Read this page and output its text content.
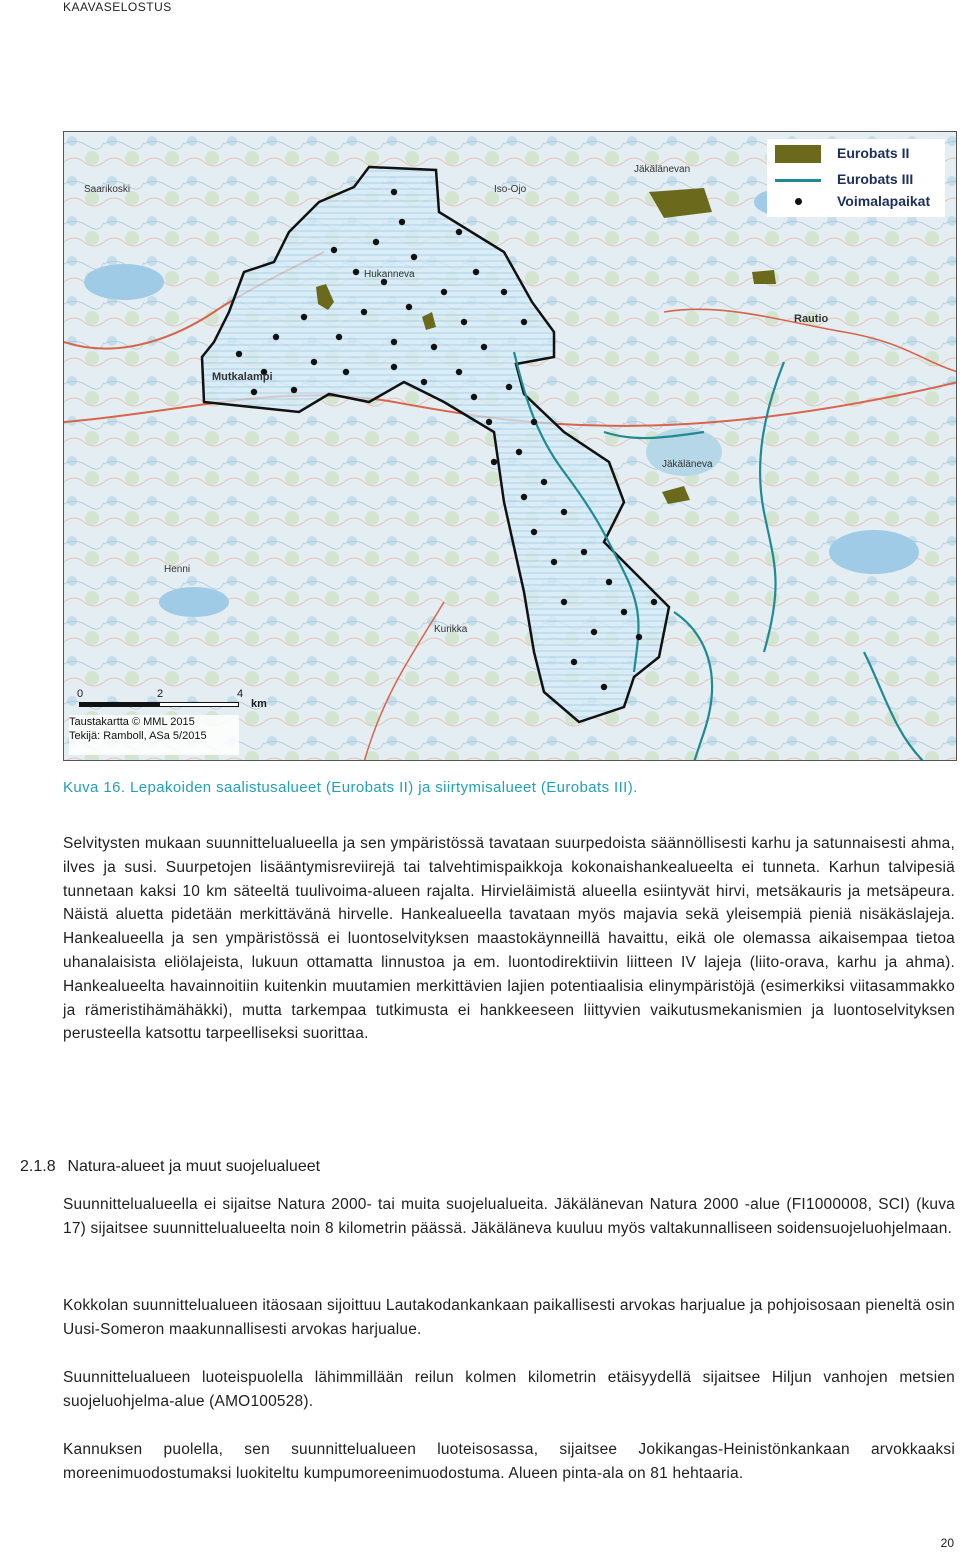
KAAVASELOSTUS
Hukanneva
Jäkälänevan
Jäkäläneva
Rautio
Mutkalampi
Henni
Kurikka
Saarikoski	Iso-Ojo
Eurobats II
Eurobats III
Voimalapaikat
0	2	4
km
Taustakartta © MML 2015
Tekijä: Ramboll, ASa 5/2015
Kuva 16. Lepakoiden saalistusalueet (Eurobats II) ja siirtymisalueet (Eurobats III).
Selvitysten mukaan suunnittelualueella ja sen ympäristössä tavataan suurpedoista säännöllisesti karhu ja satunnaisesti ahma, ilves ja susi. Suurpetojen lisääntymisreviirejä tai talvehtimispaikkoja kokonaishankealueelta ei tunneta. Karhun talvipesiä tunnetaan kaksi 10 km säteeltä tuulivoima-alueen rajalta. Hirvieläimistä alueella esiintyvät hirvi, metsäkauris ja metsäpeura. Näistä aluetta pidetään merkittävänä hirvelle. Hankealueella tavataan myös majavia sekä yleisempiä pieniä nisäkäslajeja. Hankealueella ja sen ympäristössä ei luontoselvityksen maastokäynneillä havaittu, eikä ole olemassa aikaisempaa tietoa uhanalaisista eliölajeista, lukuun ottamatta linnustoa ja em. luontodirektiivin liitteen IV lajeja (liito-orava, karhu ja ahma). Hankealueelta havainnoitiin kuitenkin muutamien merkittävien lajien potentiaalisia elinympäristöjä (esimerkiksi viitasammakko ja rämeristihämähäkki), mutta tarkempaa tutkimusta ei hankkeeseen liittyvien vaikutusmekanismien ja luontoselvityksen perusteella katsottu tarpeelliseksi suorittaa.
2.1.8 Natura-alueet ja muut suojelualueet
Suunnittelualueella ei sijaitse Natura 2000- tai muita suojelualueita. Jäkälänevan Natura 2000 -alue (FI1000008, SCI) (kuva 17) sijaitsee suunnittelualueelta noin 8 kilometrin päässä. Jäkäläneva kuuluu myös valtakunnalliseen soidensuojeluohjelmaan.
Kokkolan suunnittelualueen itäosaan sijoittuu Lautakodankankaan paikallisesti arvokas harjualue ja pohjoisosaan pieneltä osin Uusi-Someron maakunnallisesti arvokas harjualue.
Suunnittelualueen luoteispuolella lähimmillään reilun kolmen kilometrin etäisyydellä sijaitsee Hiljun vanhojen metsien suojeluohjelma-alue (AMO100528).
Kannuksen puolella, sen suunnittelualueen luoteisosassa, sijaitsee Jokikangas-Heinistönkankaan arvokkaaksi moreenimuodostumaksi luokiteltu kumpumoreenimuodostuma. Alueen pinta-ala on 81 hehtaaria.
20
